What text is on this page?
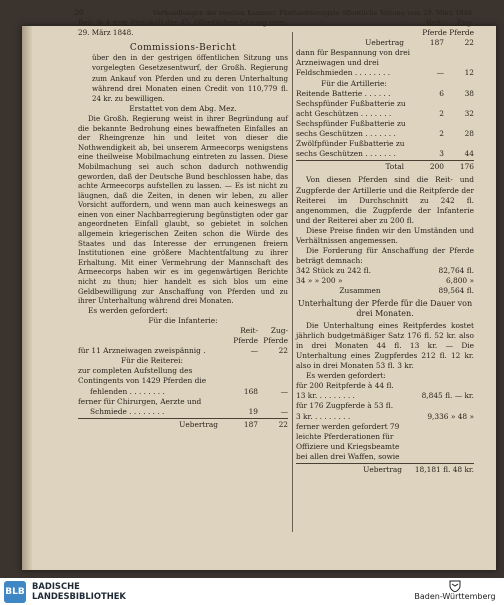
20

Beil. № 4 zum Protokoll der 45. öffentlichen Sitzung vom 29. März 1848.

Commissions-Bericht

über den in der gestrigen öffentlichen Sitzung uns vorgelegten Gesetzesentwurf, der Großh. Regierung zum Ankauf von Pferden und zu deren Unterhaltung während drei Monaten einen Credit von 110,779 fl. 24 kr. zu bewilligen.

Erstattet von dem Abg. Mez.

Die Großh. Regierung weist in ihrer Begründung auf die bekannte Bedrohung eines bewaffneten Einfalles an der Rheingrenze hin und leitet von dieser die Nothwendigkeit ab, bei unserem Armeecorps wenigstens eine theilweise Mobilmachung eintreten zu lassen. Diese Mobilmachung sei auch schon dadurch nothwendig geworden, daß der Deutsche Bund beschlossen habe, das achte Armeecorps aufstellen zu lassen. — Es ist nicht zu läugnen, daß die Zeiten, in denen wir leben, zu aller Vorsicht auffordern, und wenn man auch keineswegs an einen von einer Nachbarregierung begünstigten oder gar angeordneten Einfall glaubt, so gebietet in solchen allgemein kriegerischen Zeiten schon die Würde des Staates und das Interesse der errungenen freiern Institutionen eine größere Machtentfaltung zu ihrer Erhaltung. Mit einer Vermehrung der Mannschaft des Armeecorps haben wir es im gegenwärtigen Berichte nicht zu thun; hier handelt es sich blos um eine Geldbewilligung zur Anschaffung von Pferden und zu ihrer Unterhaltung während drei Monaten.

Es werden gefordert:

Für die Infanterie:

Reit-	Zug-
Pferde Pferde
für 11 Arzneiwagen zweispännig .	—	22
Für die Reiterei:
zur completen Aufstellung des Contingents von 1429 Pferden die
fehlenden . . . . . . . .	168	—
ferner für Chirurgen, Aerzte und
Schmiede . . . . . . . .	19	—
Uebertrag	187	22

Verhandlungen der zweiten Kammer. Fünfundvierzigste öffentliche Sitzung vom 29. März 1848.

Reit-	Zug-
Pferde Pferde
Uebertrag	187	22
dann für Bespannung von drei Arzneiwagen und drei Feldschmieden . . . . . . . .	—	12
Für die Artillerie:
Reitende Batterie . . . . . .	6	38
Sechspfünder Fußbatterie zu acht Geschützen . . . . . . .	2	32
Sechspfünder Fußbatterie zu sechs Geschützen . . . . . . .	2	28
Zwölfpfünder Fußbatterie zu sechs Geschützen . . . . . . .	3	44
Total	200	176

Von diesen Pferden sind die Reit- und Zugpferde der Artillerie und die Reitpferde der Reiterei im Durchschnitt zu 242 fl. angenommen, die Zugpferde der Infanterie und der Reiterei aber zu 200 fl.

Diese Preise finden wir den Umständen und Verhältnissen angemessen.

Die Forderung für Anschaffung der Pferde beträgt demnach:

342 Stück zu 242 fl.	82,764 fl.
34 » » 200 »	6,800 »
Zusammen	89,564 fl.

Unterhaltung der Pferde für die Dauer von drei Monaten.

Die Unterhaltung eines Reitpferdes kostet jährlich budgetmäßiger Satz 176 fl. 52 kr. also in drei Monaten 44 fl. 13 kr. — Die Unterhaltung eines Zugpferdes 212 fl. 12 kr. also in drei Monaten 53 fl. 3 kr.

Es werden gefordert:

für 200 Reitpferde à 44 fl.
13 kr. . . . . . . . .	8,845 fl. — kr.
für 176 Zugpferde à 53 fl.
3 kr. . . . . . . . .	9,336 » 48 »
ferner werden gefordert 79
leichte Pferderationen für
Offiziere und Kriegsbeamte
bei allen drei Waffen, sowie
Uebertrag	18,181 fl. 48 kr.
BLB
BADISCHE
LANDESBIBLIOTHEK	Baden-Württemberg
